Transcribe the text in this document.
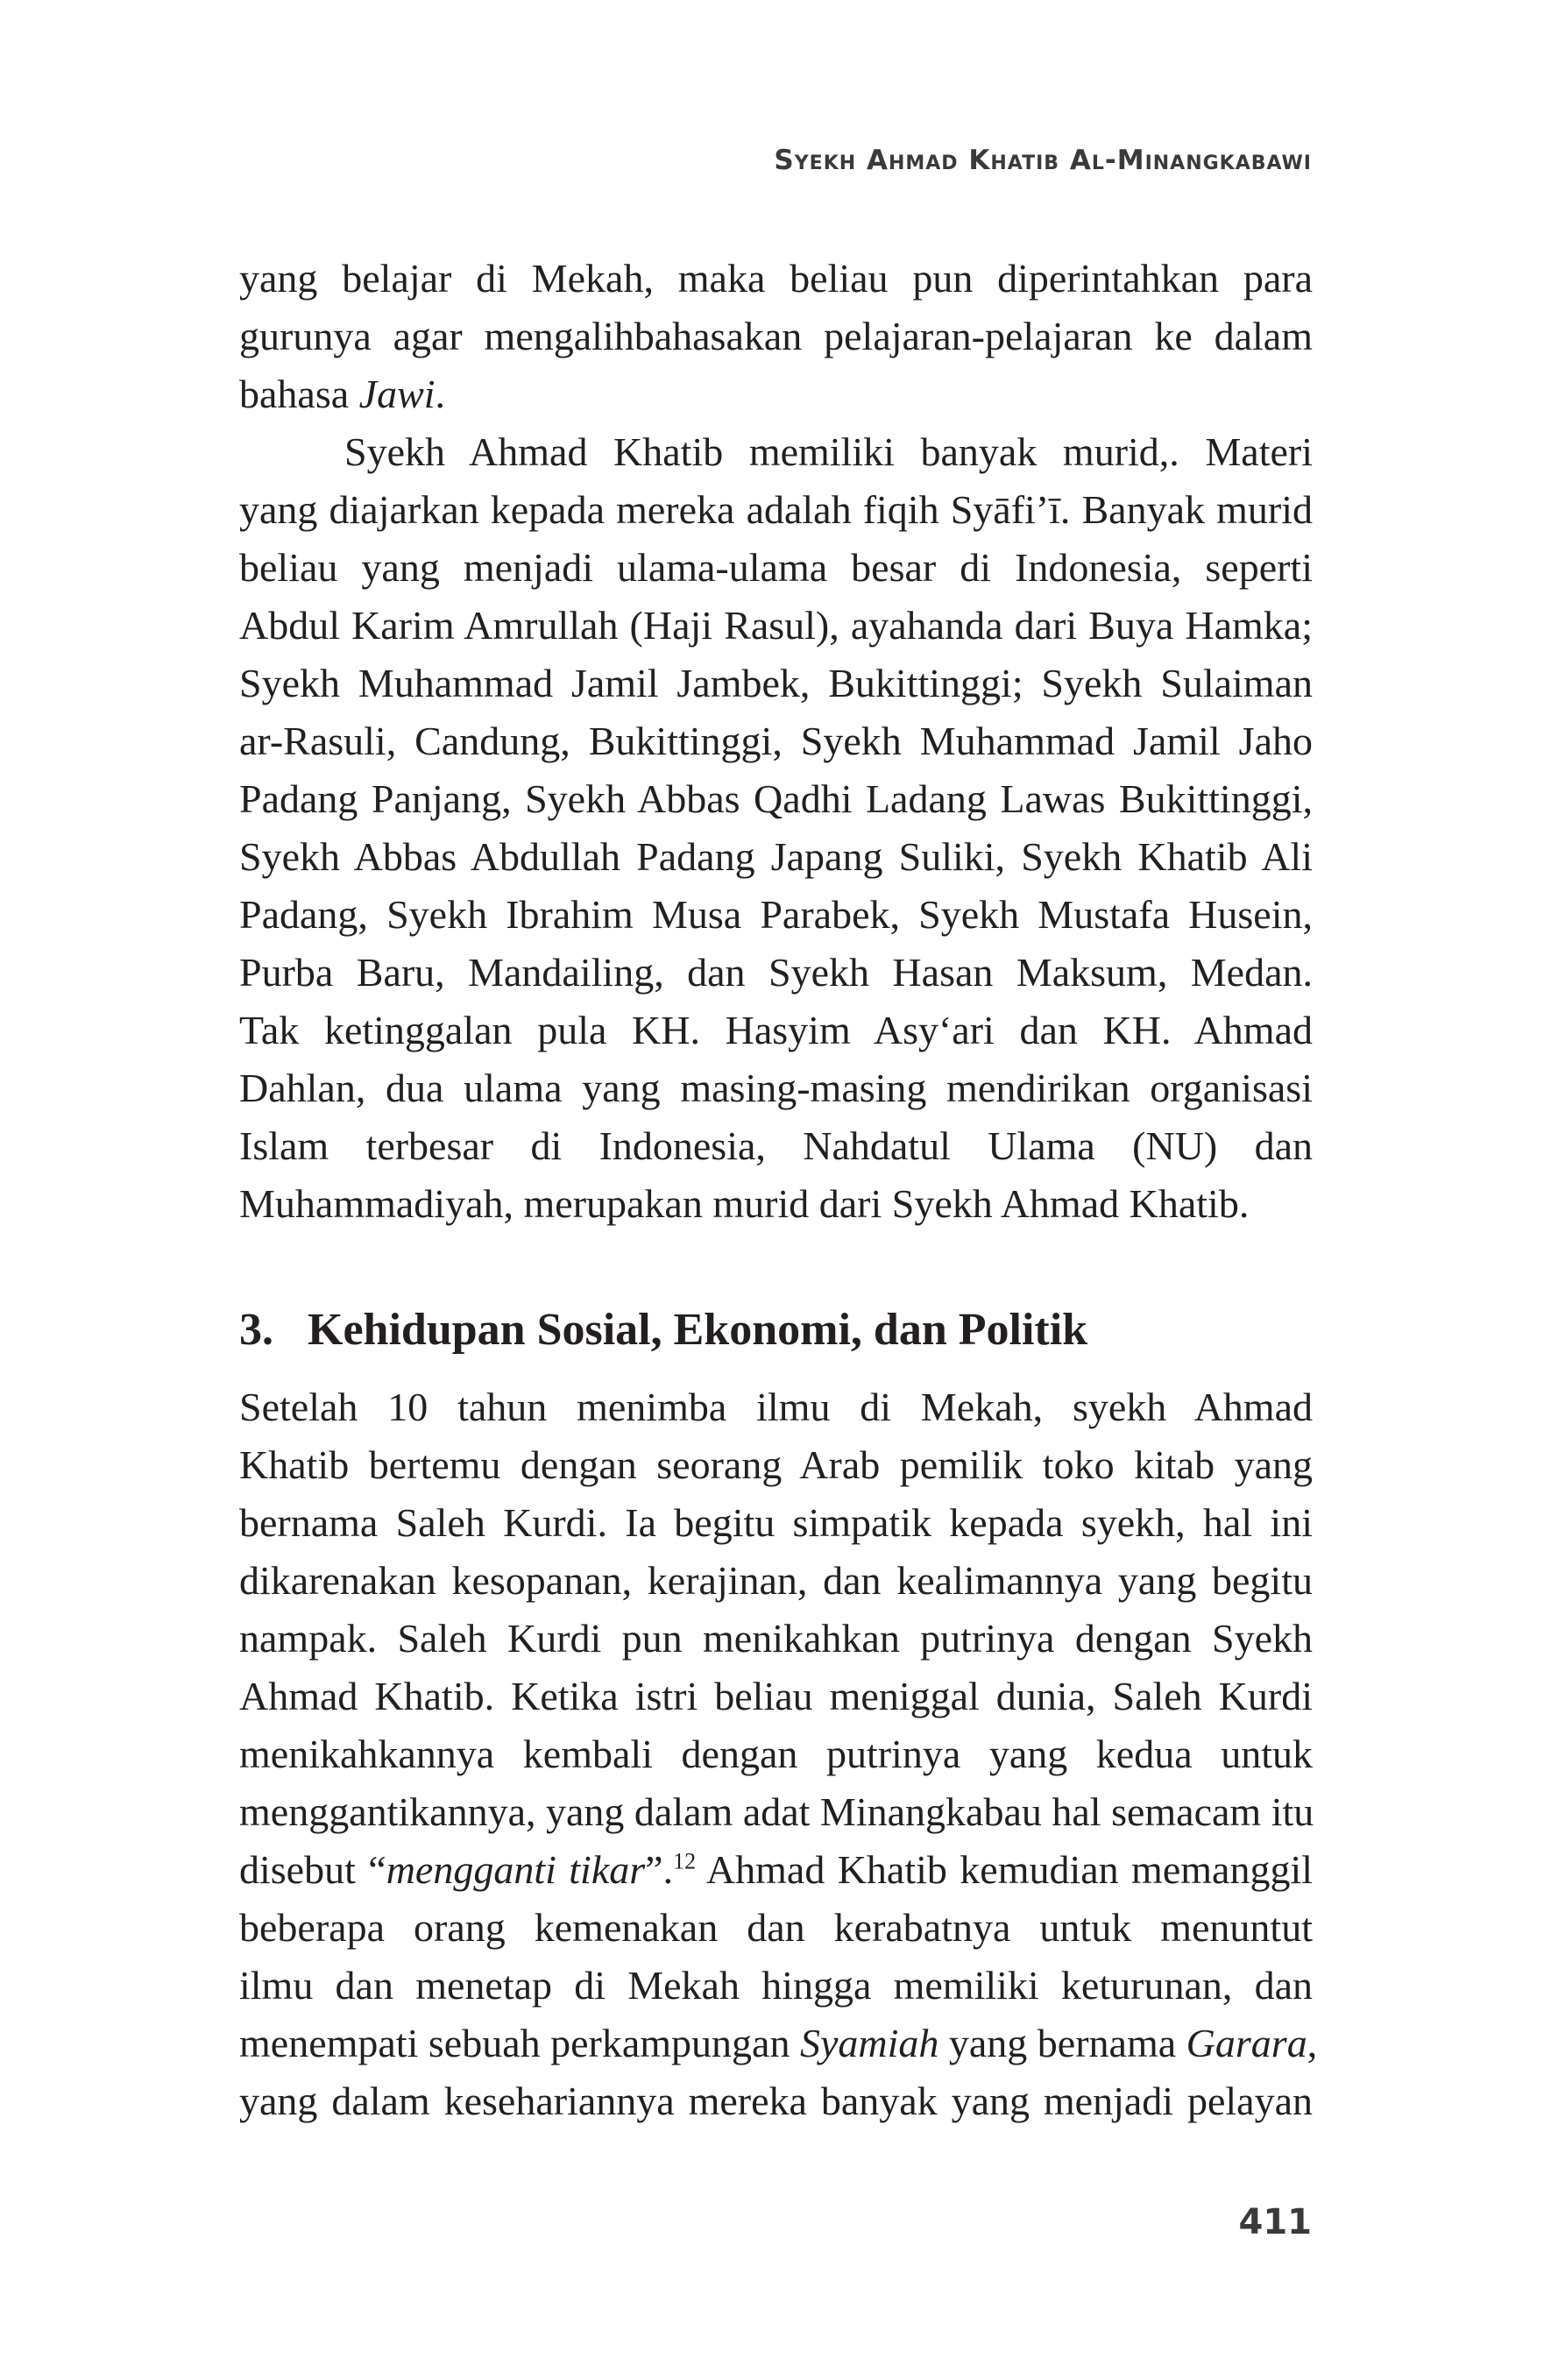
Syekh Ahmad Khatib Al-Minangkabawi
yang belajar di Mekah, maka beliau pun diperintahkan para
gurunya agar mengalihbahasakan pelajaran-pelajaran ke dalam
bahasa Jawi.
Syekh Ahmad Khatib memiliki banyak murid,. Materi
yang diajarkan kepada mereka adalah fiqih Syāfi’ī. Banyak murid
beliau yang menjadi ulama-ulama besar di Indonesia, seperti
Abdul Karim Amrullah (Haji Rasul), ayahanda dari Buya Hamka;
Syekh Muhammad Jamil Jambek, Bukittinggi; Syekh Sulaiman
ar-Rasuli, Candung, Bukittinggi, Syekh Muhammad Jamil Jaho
Padang Panjang, Syekh Abbas Qadhi Ladang Lawas Bukittinggi,
Syekh Abbas Abdullah Padang Japang Suliki, Syekh Khatib Ali
Padang, Syekh Ibrahim Musa Parabek, Syekh Mustafa Husein,
Purba Baru, Mandailing, dan Syekh Hasan Maksum, Medan.
Tak ketinggalan pula KH. Hasyim Asy‘ari dan KH. Ahmad
Dahlan, dua ulama yang masing-masing mendirikan organisasi
Islam terbesar di Indonesia, Nahdatul Ulama (NU) dan
Muhammadiyah, merupakan murid dari Syekh Ahmad Khatib.
3. Kehidupan Sosial, Ekonomi, dan Politik
Setelah 10 tahun menimba ilmu di Mekah, syekh Ahmad
Khatib bertemu dengan seorang Arab pemilik toko kitab yang
bernama Saleh Kurdi. Ia begitu simpatik kepada syekh, hal ini
dikarenakan kesopanan, kerajinan, dan kealimannya yang begitu
nampak. Saleh Kurdi pun menikahkan putrinya dengan Syekh
Ahmad Khatib. Ketika istri beliau meniggal dunia, Saleh Kurdi
menikahkannya kembali dengan putrinya yang kedua untuk
menggantikannya, yang dalam adat Minangkabau hal semacam itu
disebut “mengganti tikar”.$^{12}$ Ahmad Khatib kemudian memanggil
beberapa orang kemenakan dan kerabatnya untuk menuntut
ilmu dan menetap di Mekah hingga memiliki keturunan, dan
menempati sebuah perkampungan Syamiah yang bernama Garara,
yang dalam kesehariannya mereka banyak yang menjadi pelayan
411
